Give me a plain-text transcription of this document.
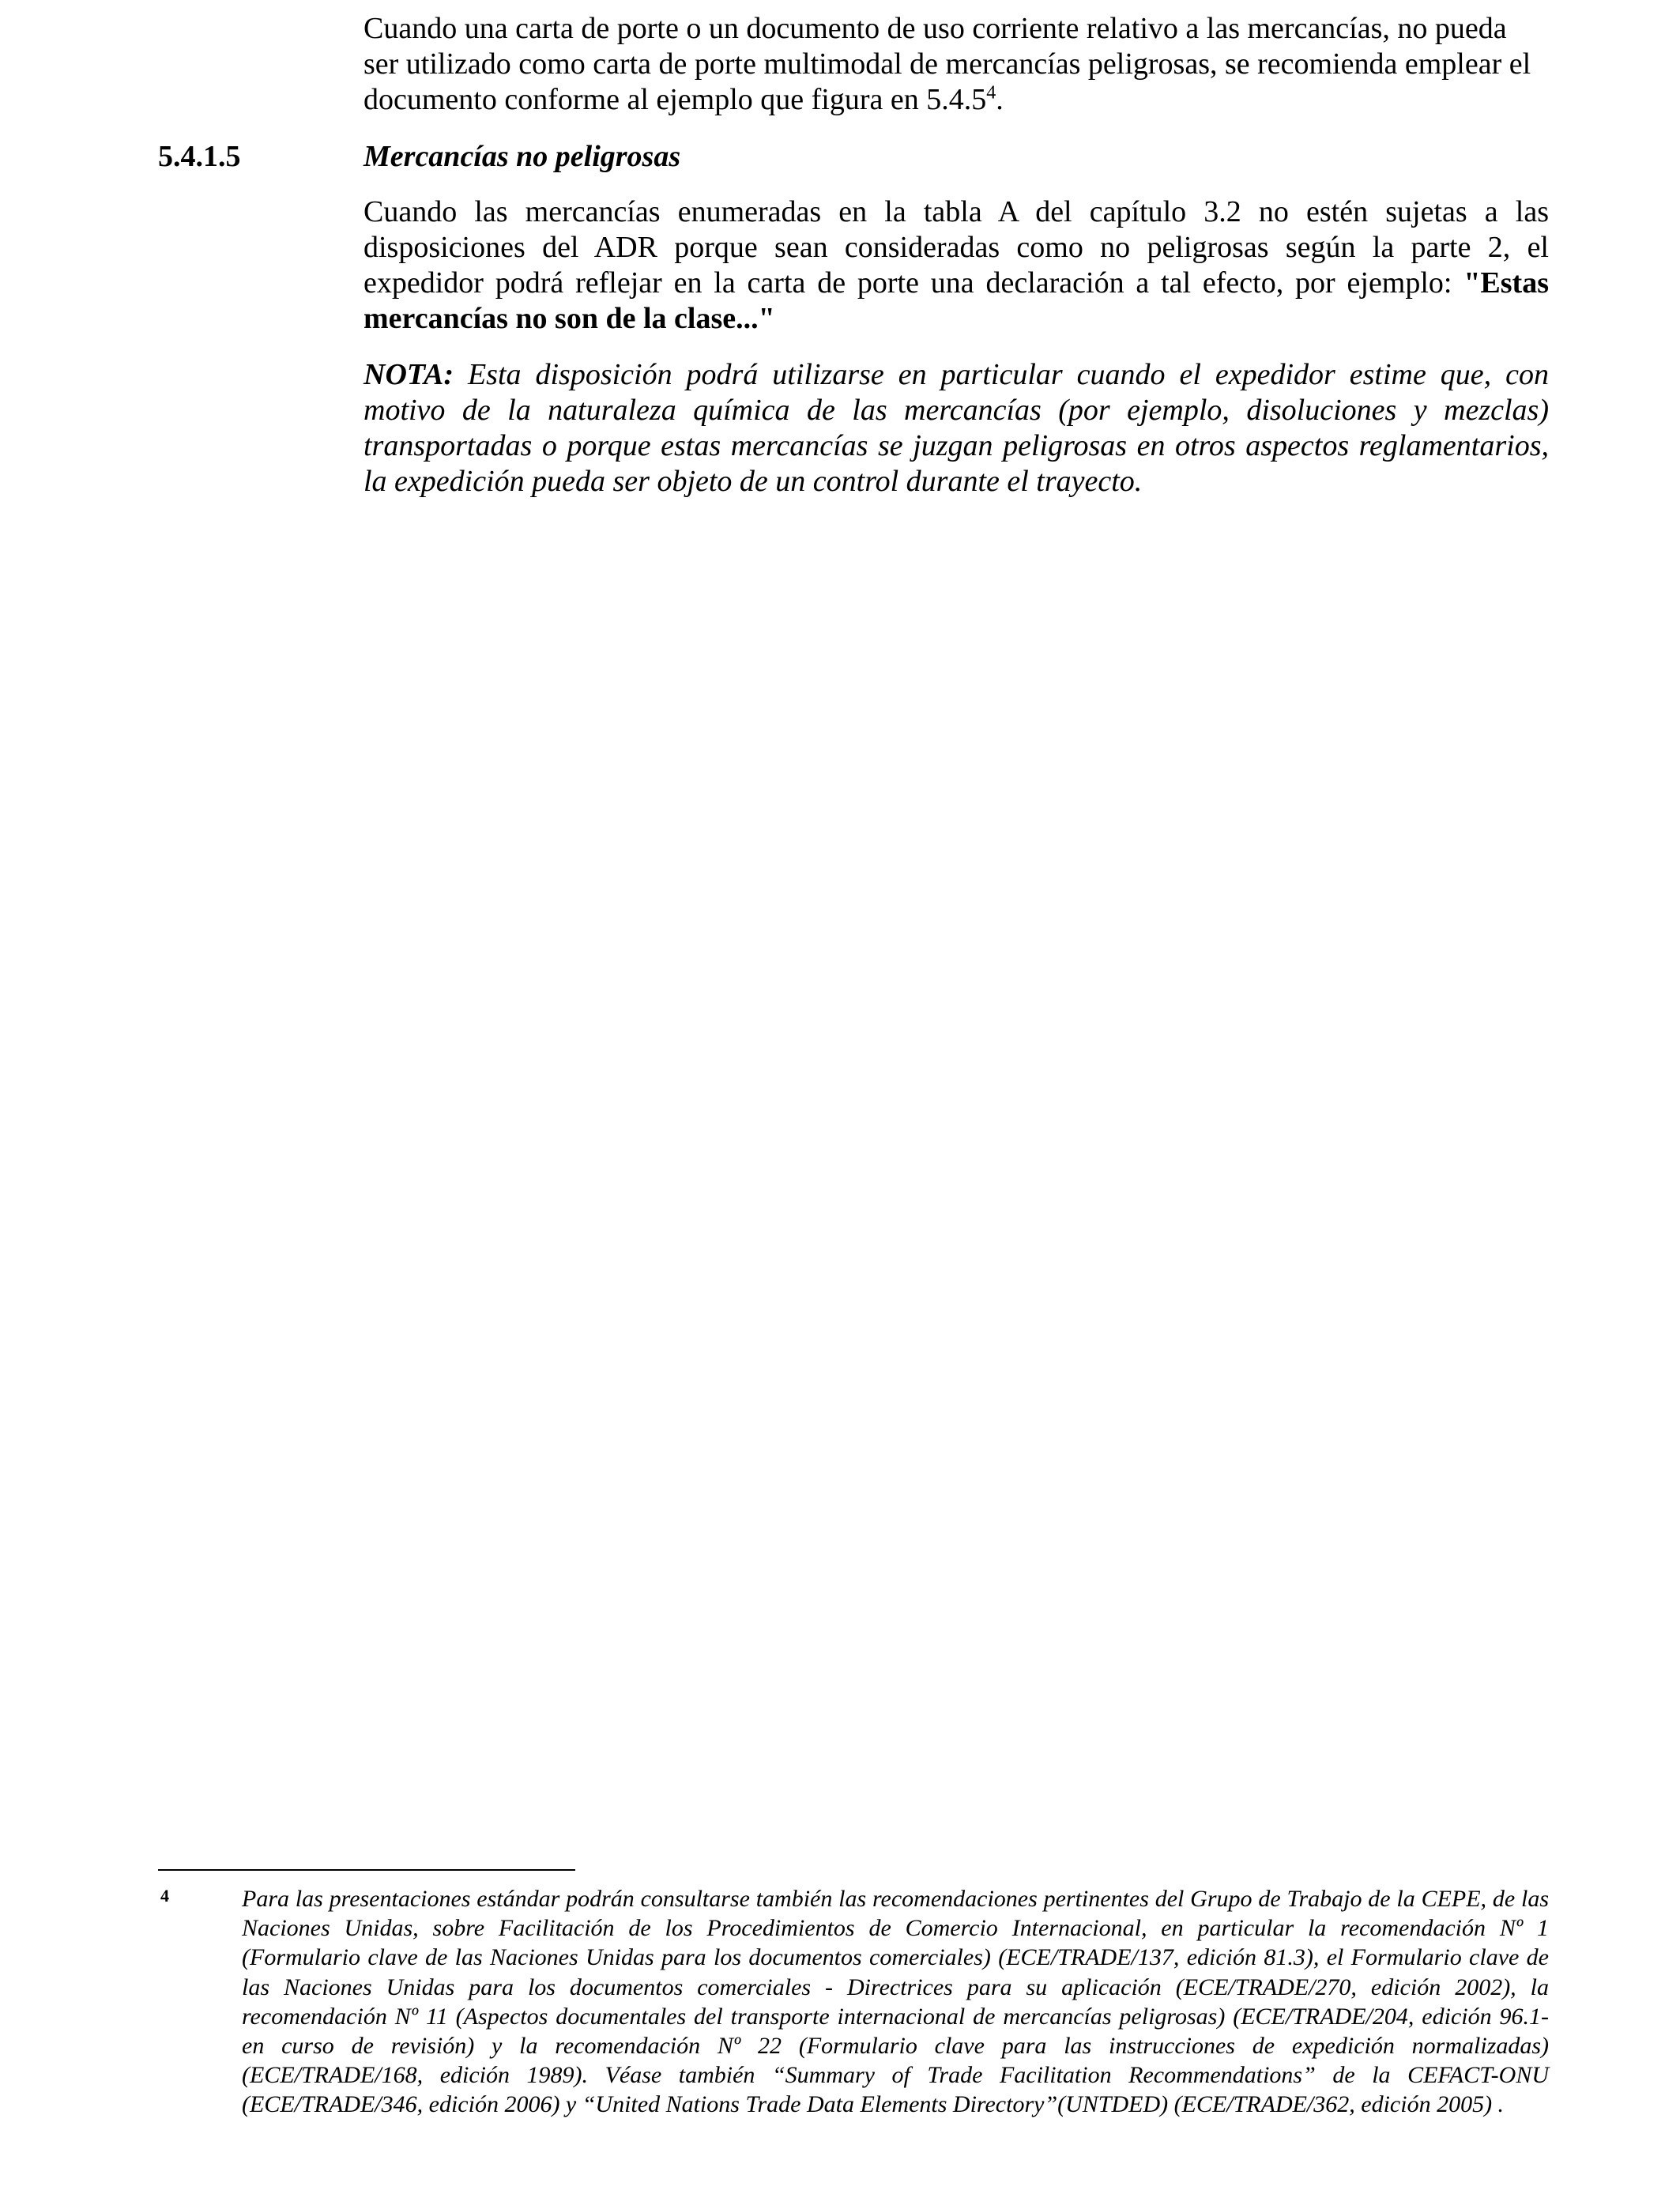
Cuando una carta de porte o un documento de uso corriente relativo a las mercancías, no pueda ser utilizado como carta de porte multimodal de mercancías peligrosas, se recomienda emplear el documento conforme al ejemplo que figura en 5.4.5$^4$.

5.4.1.5	Mercancías no peligrosas

Cuando las mercancías enumeradas en la tabla A del capítulo 3.2 no estén sujetas a las disposiciones del ADR porque sean consideradas como no peligrosas según la parte 2, el expedidor podrá reflejar en la carta de porte una declaración a tal efecto, por ejemplo: "Estas mercancías no son de la clase..."

NOTA: Esta disposición podrá utilizarse en particular cuando el expedidor estime que, con motivo de la naturaleza química de las mercancías (por ejemplo, disoluciones y mezclas) transportadas o porque estas mercancías se juzgan peligrosas en otros aspectos reglamentarios, la expedición pueda ser objeto de un control durante el trayecto.

4	Para las presentaciones estándar podrán consultarse también las recomendaciones pertinentes del Grupo de Trabajo de la CEPE, de las Naciones Unidas, sobre Facilitación de los Procedimientos de Comercio Internacional, en particular la recomendación Nº 1 (Formulario clave de las Naciones Unidas para los documentos comerciales) (ECE/TRADE/137, edición 81.3), el Formulario clave de las Naciones Unidas para los documentos comerciales - Directrices para su aplicación (ECE/TRADE/270, edición 2002), la recomendación Nº 11 (Aspectos documentales del transporte internacional de mercancías peligrosas) (ECE/TRADE/204, edición 96.1- en curso de revisión) y la recomendación Nº 22 (Formulario clave para las instrucciones de expedición normalizadas) (ECE/TRADE/168, edición 1989). Véase también “Summary of Trade Facilitation Recommendations” de la CEFACT-ONU (ECE/TRADE/346, edición 2006) y “United Nations Trade Data Elements Directory”(UNTDED) (ECE/TRADE/362, edición 2005) .
